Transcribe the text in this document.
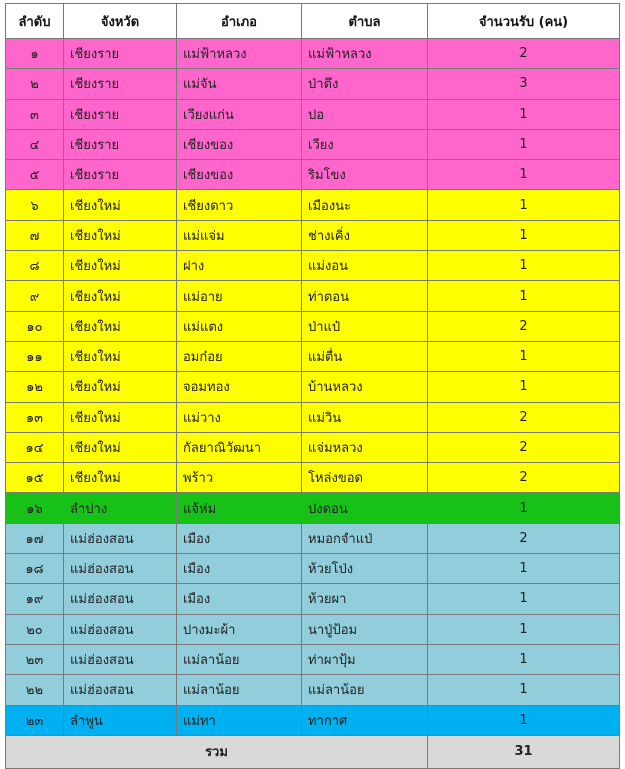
ลำดับ	จังหวัด	อำเภอ	ตำบล	จำนวนรับ (คน)
๑	เชียงราย	แม่ฟ้าหลวง	แม่ฟ้าหลวง	2
๒	เชียงราย	แม่จัน	ป่าตึง	3
๓	เชียงราย	เวียงแก่น	ปอ	1
๔	เชียงราย	เชียงของ	เวียง	1
๕	เชียงราย	เชียงของ	ริมโขง	1
๖	เชียงใหม่	เชียงดาว	เมืองนะ	1
๗	เชียงใหม่	แม่แจ่ม	ช่างเคิ่ง	1
๘	เชียงใหม่	ฝาง	แม่งอน	1
๙	เชียงใหม่	แม่อาย	ท่าตอน	1
๑๐	เชียงใหม่	แม่แตง	ป่าแป๋	2
๑๑	เชียงใหม่	อมก๋อย	แม่ตื่น	1
๑๒	เชียงใหม่	จอมทอง	บ้านหลวง	1
๑๓	เชียงใหม่	แม่วาง	แม่วิน	2
๑๔	เชียงใหม่	กัลยาณิวัฒนา	แจ่มหลวง	2
๑๕	เชียงใหม่	พร้าว	โหล่งขอด	2
๑๖	ลำปาง	แจ้ห่ม	ปงดอน	1
๑๗	แม่ฮ่องสอน	เมือง	หมอกจำแป่	2
๑๘	แม่ฮ่องสอน	เมือง	ห้วยโป่ง	1
๑๙	แม่ฮ่องสอน	เมือง	ห้วยผา	1
๒๐	แม่ฮ่องสอน	ปางมะผ้า	นาปู่ป้อม	1
๒๓	แม่ฮ่องสอน	แม่ลาน้อย	ท่าผาปุ้ม	1
๒๒	แม่ฮ่องสอน	แม่ลาน้อย	แม่ลาน้อย	1
๒๓	ลำพูน	แม่ทา	ทากาศ	1
รวม				31
